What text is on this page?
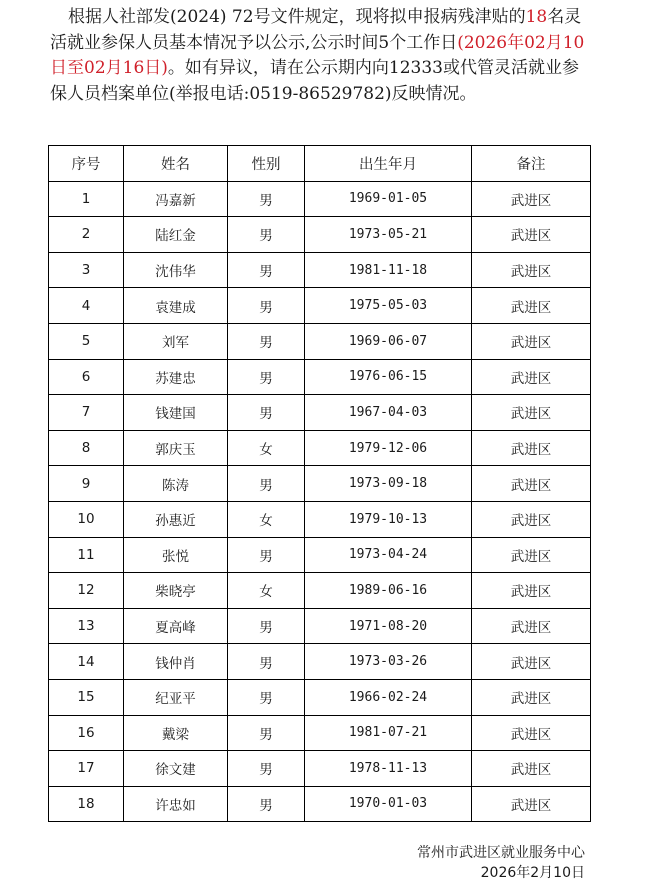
根据人社部发(2024) 72号文件规定，现将拟申报病残津贴的18名灵活就业参保人员基本情况予以公示,公示时间5个工作日(2026年02月10日至02月16日)。如有异议，请在公示期内向12333或代管灵活就业参保人员档案单位(举报电话:0519-86529782)反映情况。

序号	姓名	性别	出生年月	备注
1	冯嘉新	男	1969-01-05	武进区
2	陆红金	男	1973-05-21	武进区
3	沈伟华	男	1981-11-18	武进区
4	袁建成	男	1975-05-03	武进区
5	刘军	男	1969-06-07	武进区
6	苏建忠	男	1976-06-15	武进区
7	钱建国	男	1967-04-03	武进区
8	郭庆玉	女	1979-12-06	武进区
9	陈涛	男	1973-09-18	武进区
10	孙惠近	女	1979-10-13	武进区
11	张悦	男	1973-04-24	武进区
12	柴晓亭	女	1989-06-16	武进区
13	夏高峰	男	1971-08-20	武进区
14	钱仲肖	男	1973-03-26	武进区
15	纪亚平	男	1966-02-24	武进区
16	戴梁	男	1981-07-21	武进区
17	徐文建	男	1978-11-13	武进区
18	许忠如	男	1970-01-03	武进区
常州市武进区就业服务中心
2026年2月10日
